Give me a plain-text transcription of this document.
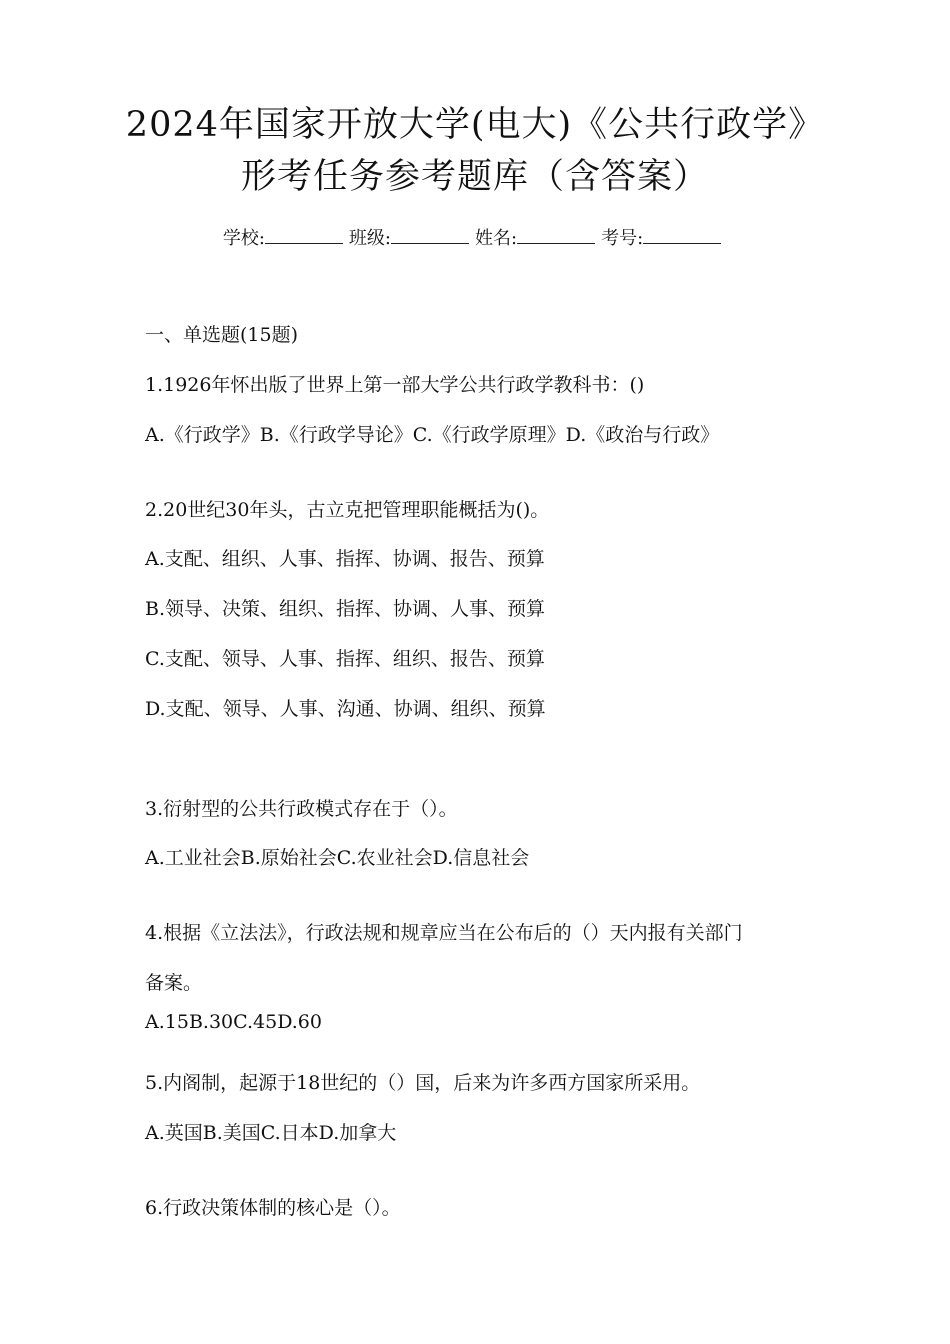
2024年国家开放大学(电大)《公共行政学》
形考任务参考题库（含答案）
学校:	班级:	姓名:	考号:
一、单选题(15题)
1.1926年怀出版了世界上第一部大学公共行政学教科书：()
A.《行政学》B.《行政学导论》C.《行政学原理》D.《政治与行政》
2.20世纪30年头，古立克把管理职能概括为()。
A.支配、组织、人事、指挥、协调、报告、预算
B.领导、决策、组织、指挥、协调、人事、预算
C.支配、领导、人事、指挥、组织、报告、预算
D.支配、领导、人事、沟通、协调、组织、预算
3.衍射型的公共行政模式存在于（）。
A.工业社会B.原始社会C.农业社会D.信息社会
4.根据《立法法》，行政法规和规章应当在公布后的（）天内报有关部门
备案。
A.15B.30C.45D.60
5.内阁制，起源于18世纪的（）国，后来为许多西方国家所采用。
A.英国B.美国C.日本D.加拿大
6.行政决策体制的核心是（）。
